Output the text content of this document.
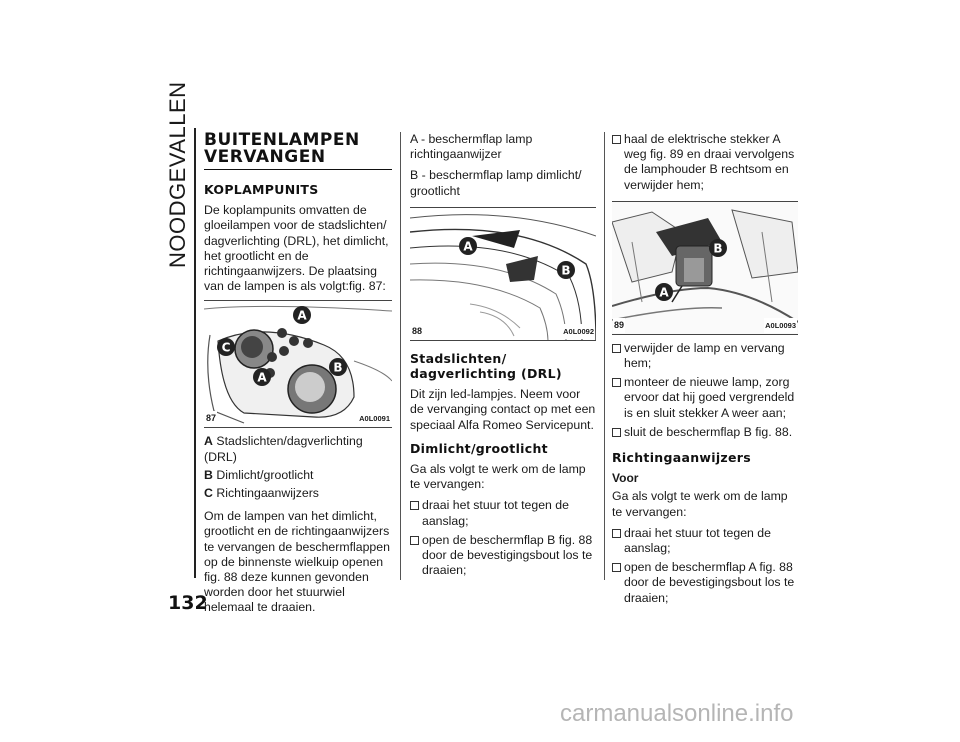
NOODGEVALLEN
132
BUITENLAMPEN VERVANGEN
KOPLAMPUNITS

De koplampunits omvatten de gloeilampen voor de stadslichten/ dagverlichting (DRL), het dimlicht, het grootlicht en de richtingaanwijzers. De plaatsing van de lampen is als volgt:fig. 87:

87	A0L0091
A
C
A
B
A Stadslichten/dagverlichting (DRL)
B Dimlicht/grootlicht
C Richtingaanwijzers

Om de lampen van het dimlicht, grootlicht en de richtingaanwijzers te vervangen de beschermflappen op de binnenste wielkuip openen fig. 88 deze kunnen gevonden worden door het stuurwiel helemaal te draaien.

A - beschermflap lamp richtingaanwijzer

B - beschermflap lamp dimlicht/ grootlicht

88	A0L0092
A
B
Stadslichten/ dagverlichting (DRL)

Dit zijn led-lampjes. Neem voor de vervanging contact op met een speciaal Alfa Romeo Servicepunt.

Dimlicht/grootlicht

Ga als volgt te werk om de lamp te vervangen:

draai het stuur tot tegen de aanslag;
open de beschermflap B fig. 88 door de bevestigingsbout los te draaien;
haal de elektrische stekker A weg fig. 89 en draai vervolgens de lamphouder B rechtsom en verwijder hem;
89	A0L0093
B
A
verwijder de lamp en vervang hem;
monteer de nieuwe lamp, zorg ervoor dat hij goed vergrendeld is en sluit stekker A weer aan;
sluit de beschermflap B fig. 88.
Richtingaanwijzers
Voor

Ga als volgt te werk om de lamp te vervangen:

draai het stuur tot tegen de aanslag;
open de beschermflap A fig. 88 door de bevestigingsbout los te draaien;
carmanualsonline.info
